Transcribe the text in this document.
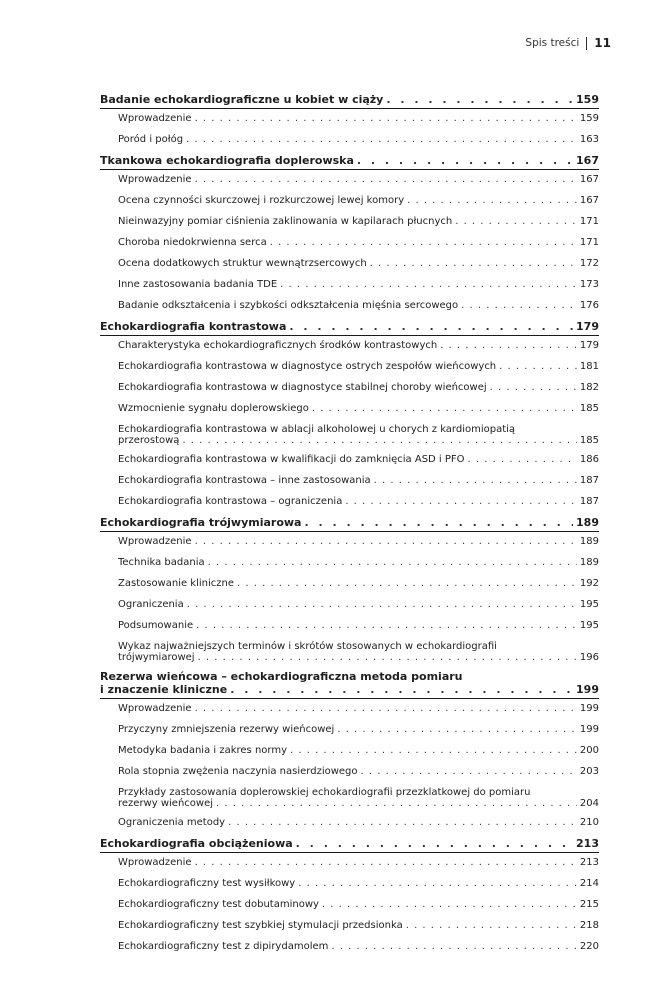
Spis treści 11
Badanie echokardiograficzne u kobiet w ciąży . . .	159
Wprowadzenie . . .	159
Poród i połóg . . .	163
Tkankowa echokardiografia doplerowska . . .	167
Wprowadzenie . . .	167
Ocena czynności skurczowej i rozkurczowej lewej komory . . .	167
Nieinwazyjny pomiar ciśnienia zaklinowania w kapilarach płucnych . . .	171
Choroba niedokrwienna serca . . .	171
Ocena dodatkowych struktur wewnątrzsercowych . . .	172
Inne zastosowania badania TDE . . .	173
Badanie odkształcenia i szybkości odkształcenia mięśnia sercowego . . .	176
Echokardiografia kontrastowa . . .	179
Charakterystyka echokardiograficznych środków kontrastowych . . .	179
Echokardiografia kontrastowa w diagnostyce ostrych zespołów wieńcowych . . .	181
Echokardiografia kontrastowa w diagnostyce stabilnej choroby wieńcowej . . .	182
Wzmocnienie sygnału doplerowskiego . . .	185
Echokardiografia kontrastowa w ablacji alkoholowej u chorych z kardiomiopatią
przerostową . . .	185
Echokardiografia kontrastowa w kwalifikacji do zamknięcia ASD i PFO . . .	186
Echokardiografia kontrastowa – inne zastosowania . . .	187
Echokardiografia kontrastowa – ograniczenia . . .	187
Echokardiografia trójwymiarowa . . .	189
Wprowadzenie . . .	189
Technika badania . . .	189
Zastosowanie kliniczne . . .	192
Ograniczenia . . .	195
Podsumowanie . . .	195
Wykaz najważniejszych terminów i skrótów stosowanych w echokardiografii
trójwymiarowej . . .	196
Rezerwa wieńcowa – echokardiograficzna metoda pomiaru
i znaczenie kliniczne . . .	199
Wprowadzenie . . .	199
Przyczyny zmniejszenia rezerwy wieńcowej . . .	199
Metodyka badania i zakres normy . . .	200
Rola stopnia zwężenia naczynia nasierdziowego . . .	203
Przykłady zastosowania doplerowskiej echokardiografii przezklatkowej do pomiaru
rezerwy wieńcowej . . .	204
Ograniczenia metody . . .	210
Echokardiografia obciążeniowa . . .	213
Wprowadzenie . . .	213
Echokardiograficzny test wysiłkowy . . .	214
Echokardiograficzny test dobutaminowy . . .	215
Echokardiograficzny test szybkiej stymulacji przedsionka . . .	218
Echokardiograficzny test z dipirydamolem . . .	220
